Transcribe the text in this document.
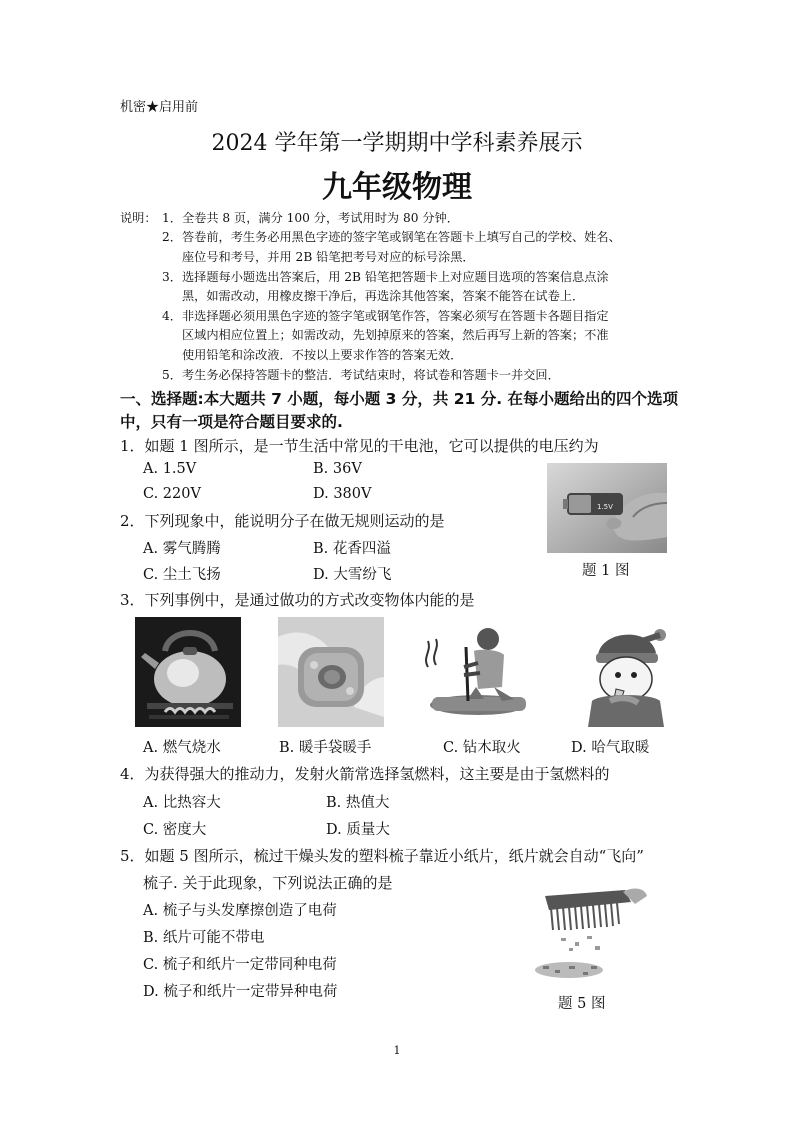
机密★启用前
2024 学年第一学期期中学科素养展示
九年级物理
说明： 1．全卷共 8 页，满分 100 分，考试用时为 80 分钟．
2．答卷前，考生务必用黑色字迹的签字笔或钢笔在答题卡上填写自己的学校、姓名、
座位号和考号，并用 2B 铅笔把考号对应的标号涂黑．
3．选择题每小题选出答案后，用 2B 铅笔把答题卡上对应题目选项的答案信息点涂
黑，如需改动，用橡皮擦干净后，再选涂其他答案，答案不能答在试卷上．
4．非选择题必须用黑色字迹的签字笔或钢笔作答，答案必须写在答题卡各题目指定
区域内相应位置上；如需改动，先划掉原来的答案，然后再写上新的答案；不准
使用铅笔和涂改液．不按以上要求作答的答案无效．
5．考生务必保持答题卡的整洁．考试结束时，将试卷和答题卡一并交回．
一、选择题:本大题共 7 小题，每小题 3 分，共 21 分. 在每小题给出的四个选项
中，只有一项是符合题目要求的.
1．如题 1 图所示，是一节生活中常见的干电池，它可以提供的电压约为
A. 1.5V	B. 36V
C. 220V	D. 380V
1.5V
题 1 图
2．下列现象中，能说明分子在做无规则运动的是
A. 雾气腾腾	B. 花香四溢
C. 尘土飞扬	D. 大雪纷飞
3．下列事例中，是通过做功的方式改变物体内能的是
A. 燃气烧水	B. 暖手袋暖手	C. 钻木取火	D. 哈气取暖
4．为获得强大的推动力，发射火箭常选择氢燃料，这主要是由于氢燃料的
A. 比热容大	B. 热值大
C. 密度大	D. 质量大
5．如题 5 图所示，梳过干燥头发的塑料梳子靠近小纸片，纸片就会自动“飞向”
梳子. 关于此现象，下列说法正确的是
A. 梳子与头发摩擦创造了电荷
B. 纸片可能不带电
C. 梳子和纸片一定带同种电荷
D. 梳子和纸片一定带异种电荷
题 5 图
1
